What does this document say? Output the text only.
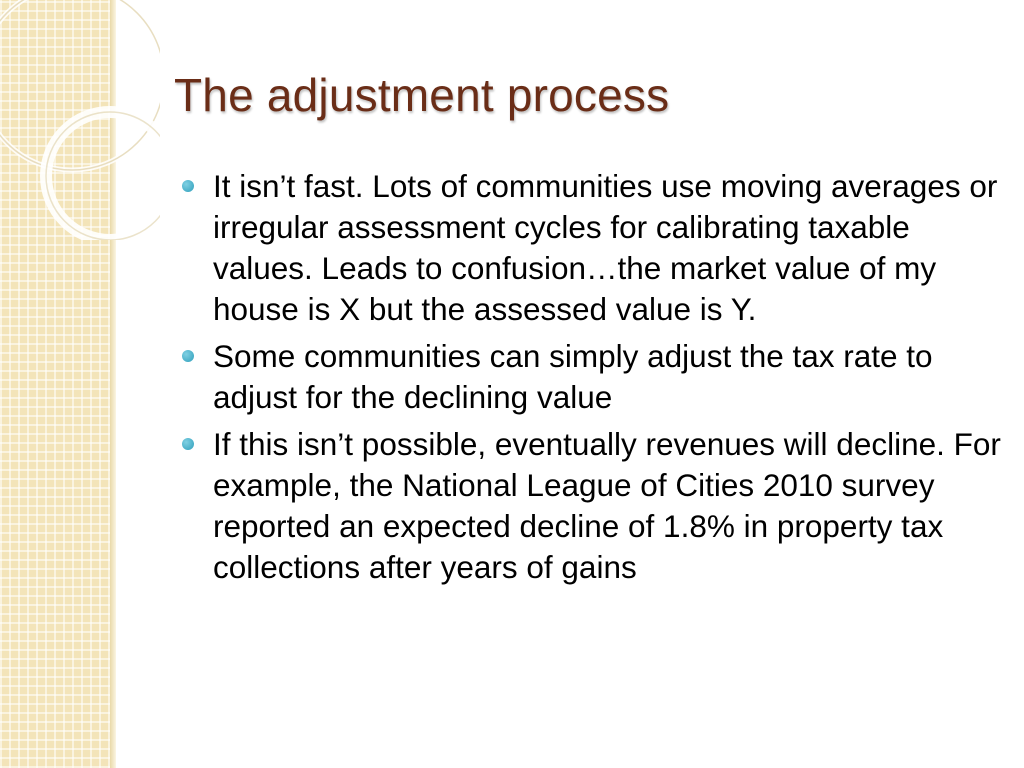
The adjustment process
It isn’t fast. Lots of communities use moving averages or irregular assessment cycles for calibrating taxable values. Leads to confusion…the market value of my house is X but the assessed value is Y.
Some communities can simply adjust the tax rate to adjust for the declining value
If this isn’t possible, eventually revenues will decline. For example, the National League of Cities 2010 survey reported an expected decline of 1.8% in property tax collections after years of gains
